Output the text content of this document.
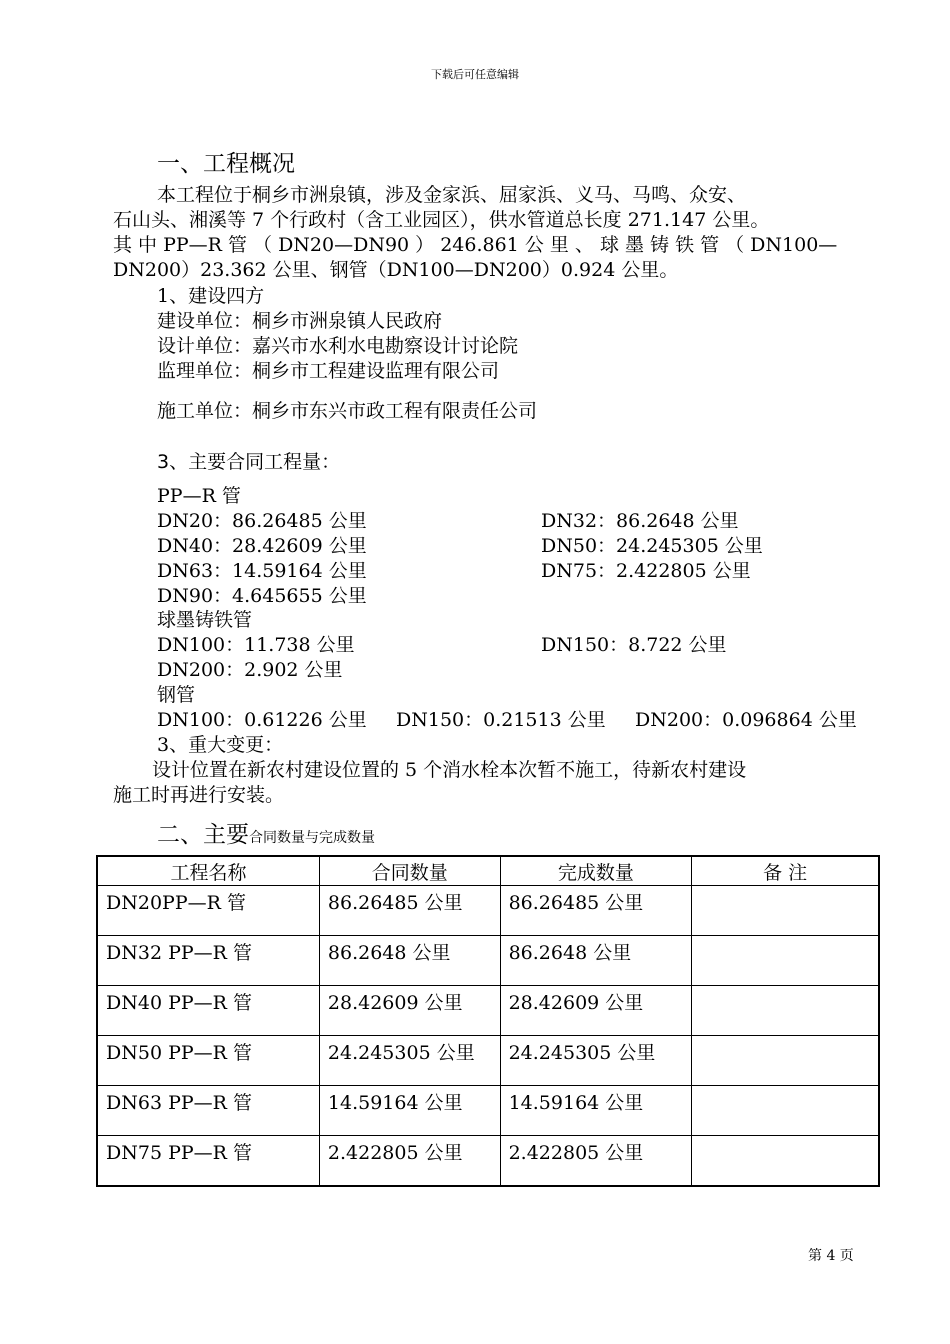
下载后可任意编辑
一、工程概况
本工程位于桐乡市洲泉镇，涉及金家浜、屈家浜、义马、马鸣、众安、
石山头、湘溪等 7 个行政村（含工业园区），供水管道总长度 271.147 公里。
其 中 PP—R 管 （ DN20—DN90 ） 246.861 公 里 、 球 墨 铸 铁 管 （ DN100—
DN200）23.362 公里、钢管（DN100—DN200）0.924 公里。
1、建设四方
建设单位：桐乡市洲泉镇人民政府
设计单位：嘉兴市水利水电勘察设计讨论院
监理单位：桐乡市工程建设监理有限公司
施工单位：桐乡市东兴市政工程有限责任公司
3、主要合同工程量：
PP—R 管
DN20：86.26485 公里	DN32：86.2648 公里
DN40：28.42609 公里	DN50：24.245305 公里
DN63：14.59164 公里	DN75：2.422805 公里
DN90：4.645655 公里
球墨铸铁管
DN100：11.738 公里	DN150：8.722 公里
DN200：2.902 公里
钢管
DN100：0.61226 公里 DN150：0.21513 公里 DN200：0.096864 公里
3、重大变更：
设计位置在新农村建设位置的 5 个消水栓本次暂不施工，待新农村建设
施工时再进行安装。
二、主要合同数量与完成数量
工程名称	合同数量	完成数量	备 注
DN20PP—R 管	86.26485 公里	86.26485 公里	
DN32 PP—R 管	86.2648 公里	86.2648 公里	
DN40 PP—R 管	28.42609 公里	28.42609 公里	
DN50 PP—R 管	24.245305 公里	24.245305 公里	
DN63 PP—R 管	14.59164 公里	14.59164 公里	
DN75 PP—R 管	2.422805 公里	2.422805 公里	
第 4 页
